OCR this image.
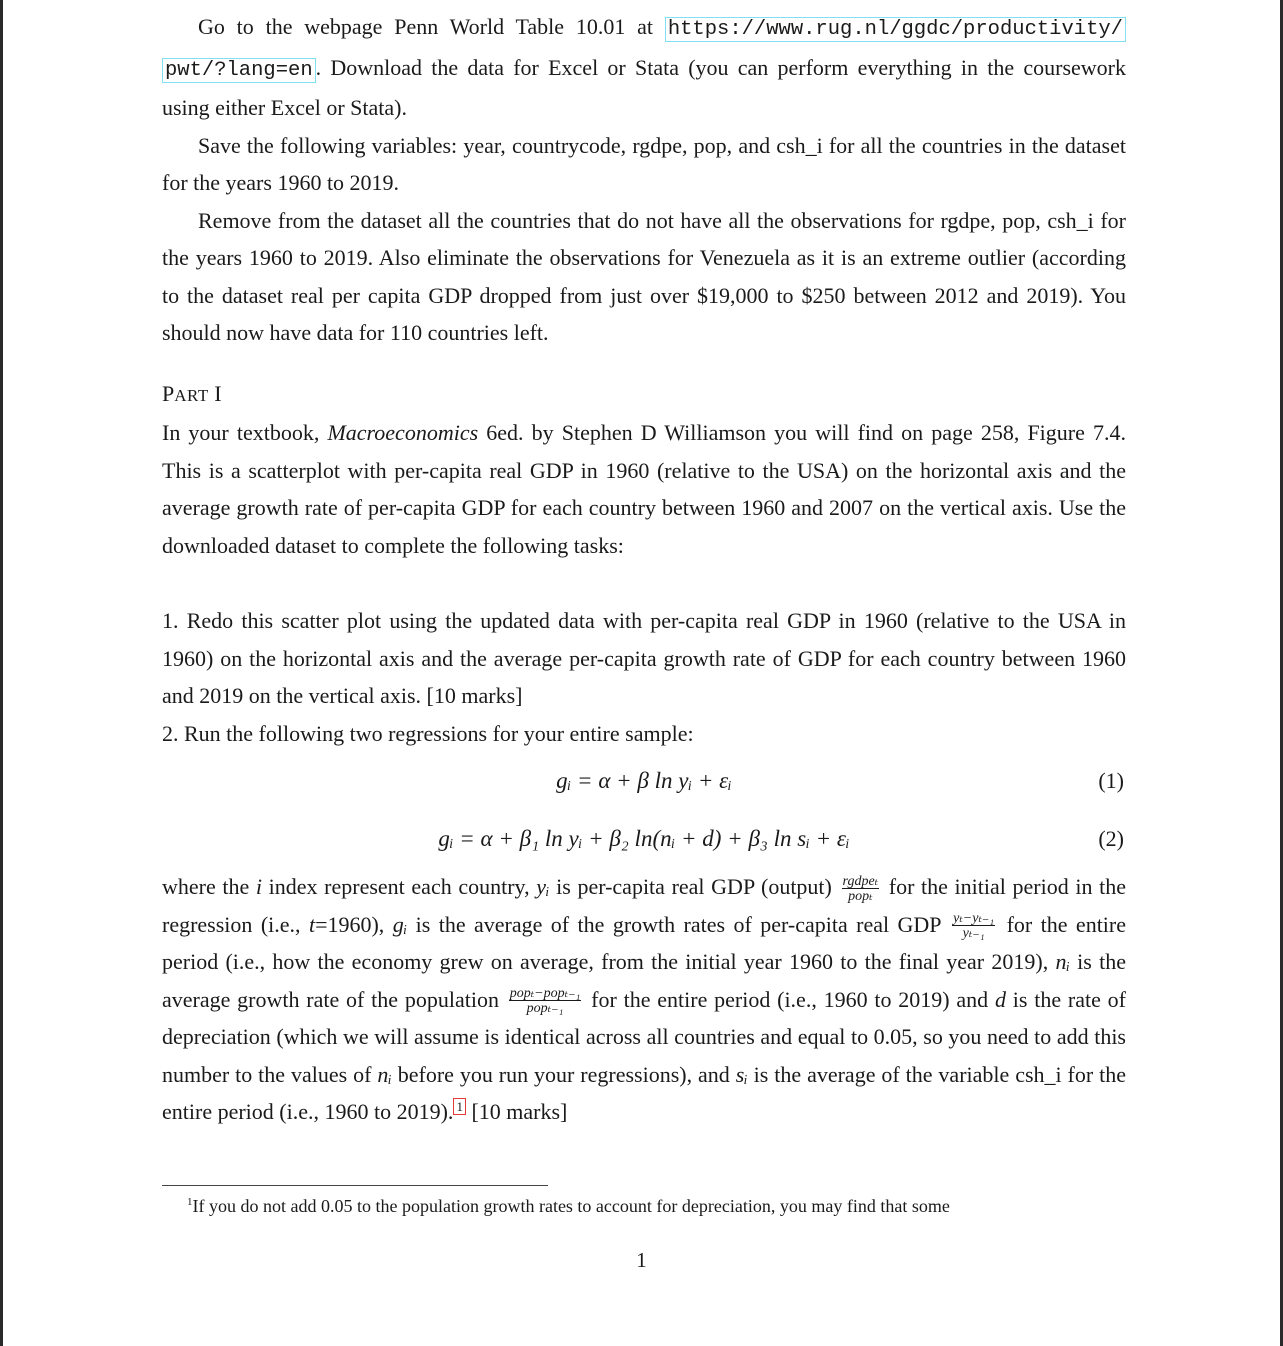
Go to the webpage Penn World Table 10.01 at https://www.rug.nl/ggdc/productivity/ pwt/?lang=en . Download the data for Excel or Stata (you can perform everything in the coursework using either Excel or Stata).

Save the following variables: year, countrycode, rgdpe, pop, and csh_i for all the countries in the dataset for the years 1960 to 2019.

Remove from the dataset all the countries that do not have all the observations for rgdpe, pop, csh_i for the years 1960 to 2019. Also eliminate the observations for Venezuela as it is an extreme outlier (according to the dataset real per capita GDP dropped from just over $19,000 to $250 between 2012 and 2019). You should now have data for 110 countries left.

PART I

In your textbook, Macroeconomics 6ed. by Stephen D Williamson you will find on page 258, Figure 7.4. This is a scatterplot with per-capita real GDP in 1960 (relative to the USA) on the horizontal axis and the average growth rate of per-capita GDP for each country between 1960 and 2007 on the vertical axis. Use the downloaded dataset to complete the following tasks:

1. Redo this scatter plot using the updated data with per-capita real GDP in 1960 (relative to the USA in 1960) on the horizontal axis and the average per-capita growth rate of GDP for each country between 1960 and 2019 on the vertical axis. [10 marks]

2. Run the following two regressions for your entire sample:

gᵢ = α + β ln yᵢ + εᵢ	(1)
gᵢ = α + β₁ ln yᵢ + β₂ ln(nᵢ + d) + β₃ ln sᵢ + εᵢ	(2)

where the i index represent each country, yᵢ is per-capita real GDP (output) $\frac{\text{rgdpeₜ}}{\text{popₜ}}$ for the initial period in the regression (i.e., t=1960), gᵢ is the average of the growth rates of per-capita real GDP $\frac{\text{yₜ−yₜ₋₁}}{\text{yₜ₋₁}}$ for the entire period (i.e., how the economy grew on average, from the initial year 1960 to the final year 2019), nᵢ is the average growth rate of the population $\frac{\text{popₜ−popₜ₋₁}}{\text{popₜ₋₁}}$ for the entire period (i.e., 1960 to 2019) and d is the rate of depreciation (which we will assume is identical across all countries and equal to 0.05, so you need to add this number to the values of nᵢ before you run your regressions), and sᵢ is the average of the variable csh_i for the entire period (i.e., 1960 to 2019). $^1$ [10 marks]

$^1$If you do not add 0.05 to the population growth rates to account for depreciation, you may find that some
1
